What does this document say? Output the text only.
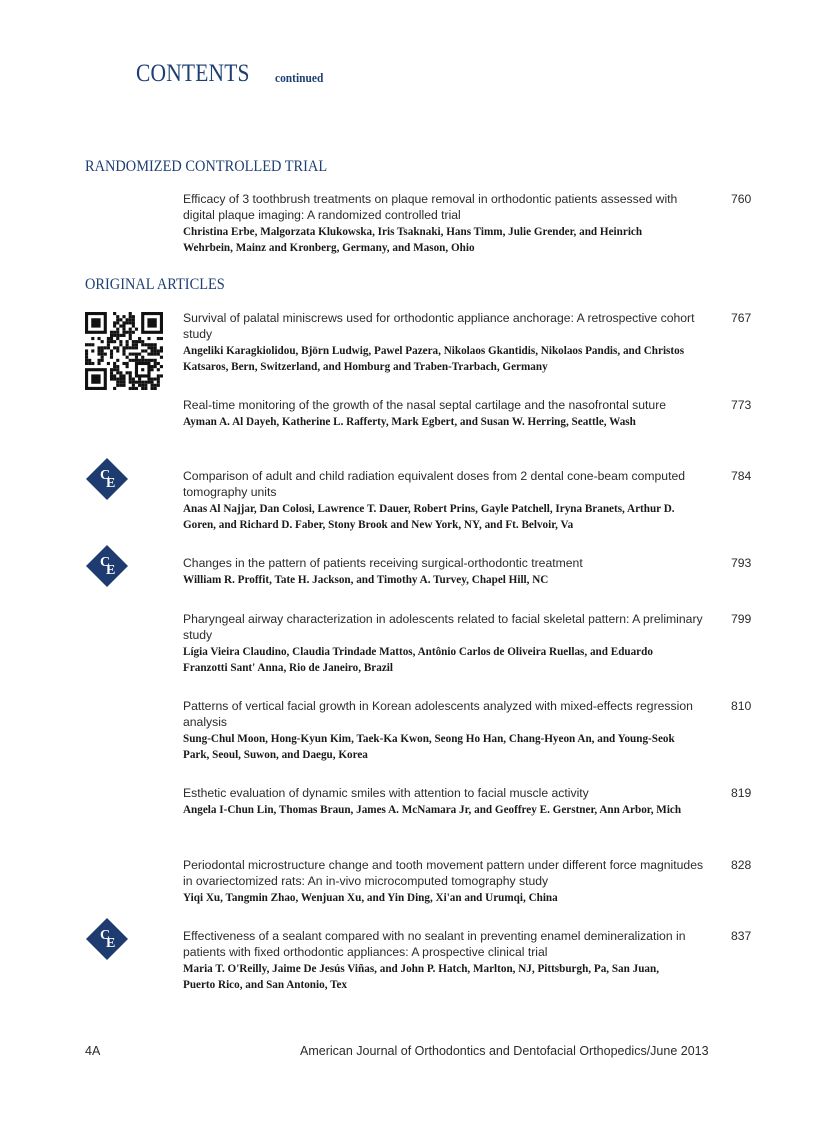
CONTENTS continued
RANDOMIZED CONTROLLED TRIAL
ORIGINAL ARTICLES
C
E
C
E
C
E
Efficacy of 3 toothbrush treatments on plaque removal in orthodontic patients assessed with digital plaque imaging: A randomized controlled trial
Christina Erbe, Malgorzata Klukowska, Iris Tsaknaki, Hans Timm, Julie Grender, and Heinrich Wehrbein, Mainz and Kronberg, Germany, and Mason, Ohio
760
Survival of palatal miniscrews used for orthodontic appliance anchorage: A retrospective cohort study
Angeliki Karagkiolidou, Björn Ludwig, Pawel Pazera, Nikolaos Gkantidis, Nikolaos Pandis, and Christos Katsaros, Bern, Switzerland, and Homburg and Traben-Trarbach, Germany
767
Real-time monitoring of the growth of the nasal septal cartilage and the nasofrontal suture
Ayman A. Al Dayeh, Katherine L. Rafferty, Mark Egbert, and Susan W. Herring, Seattle, Wash
773
Comparison of adult and child radiation equivalent doses from 2 dental cone-beam computed tomography units
Anas Al Najjar, Dan Colosi, Lawrence T. Dauer, Robert Prins, Gayle Patchell, Iryna Branets, Arthur D. Goren, and Richard D. Faber, Stony Brook and New York, NY, and Ft. Belvoir, Va
784
Changes in the pattern of patients receiving surgical-orthodontic treatment
William R. Proffit, Tate H. Jackson, and Timothy A. Turvey, Chapel Hill, NC
793
Pharyngeal airway characterization in adolescents related to facial skeletal pattern: A preliminary study
Lígia Vieira Claudino, Claudia Trindade Mattos, Antônio Carlos de Oliveira Ruellas, and Eduardo Franzotti Sant' Anna, Rio de Janeiro, Brazil
799
Patterns of vertical facial growth in Korean adolescents analyzed with mixed-effects regression analysis
Sung-Chul Moon, Hong-Kyun Kim, Taek-Ka Kwon, Seong Ho Han, Chang-Hyeon An, and Young-Seok Park, Seoul, Suwon, and Daegu, Korea
810
Esthetic evaluation of dynamic smiles with attention to facial muscle activity
Angela I-Chun Lin, Thomas Braun, James A. McNamara Jr, and Geoffrey E. Gerstner, Ann Arbor, Mich
819
Periodontal microstructure change and tooth movement pattern under different force magnitudes in ovariectomized rats: An in-vivo microcomputed tomography study
Yiqi Xu, Tangmin Zhao, Wenjuan Xu, and Yin Ding, Xi'an and Urumqi, China
828
Effectiveness of a sealant compared with no sealant in preventing enamel demineralization in patients with fixed orthodontic appliances: A prospective clinical trial
Maria T. O'Reilly, Jaime De Jesús Viñas, and John P. Hatch, Marlton, NJ, Pittsburgh, Pa, San Juan, Puerto Rico, and San Antonio, Tex
837
4A	American Journal of Orthodontics and Dentofacial Orthopedics/June 2013
